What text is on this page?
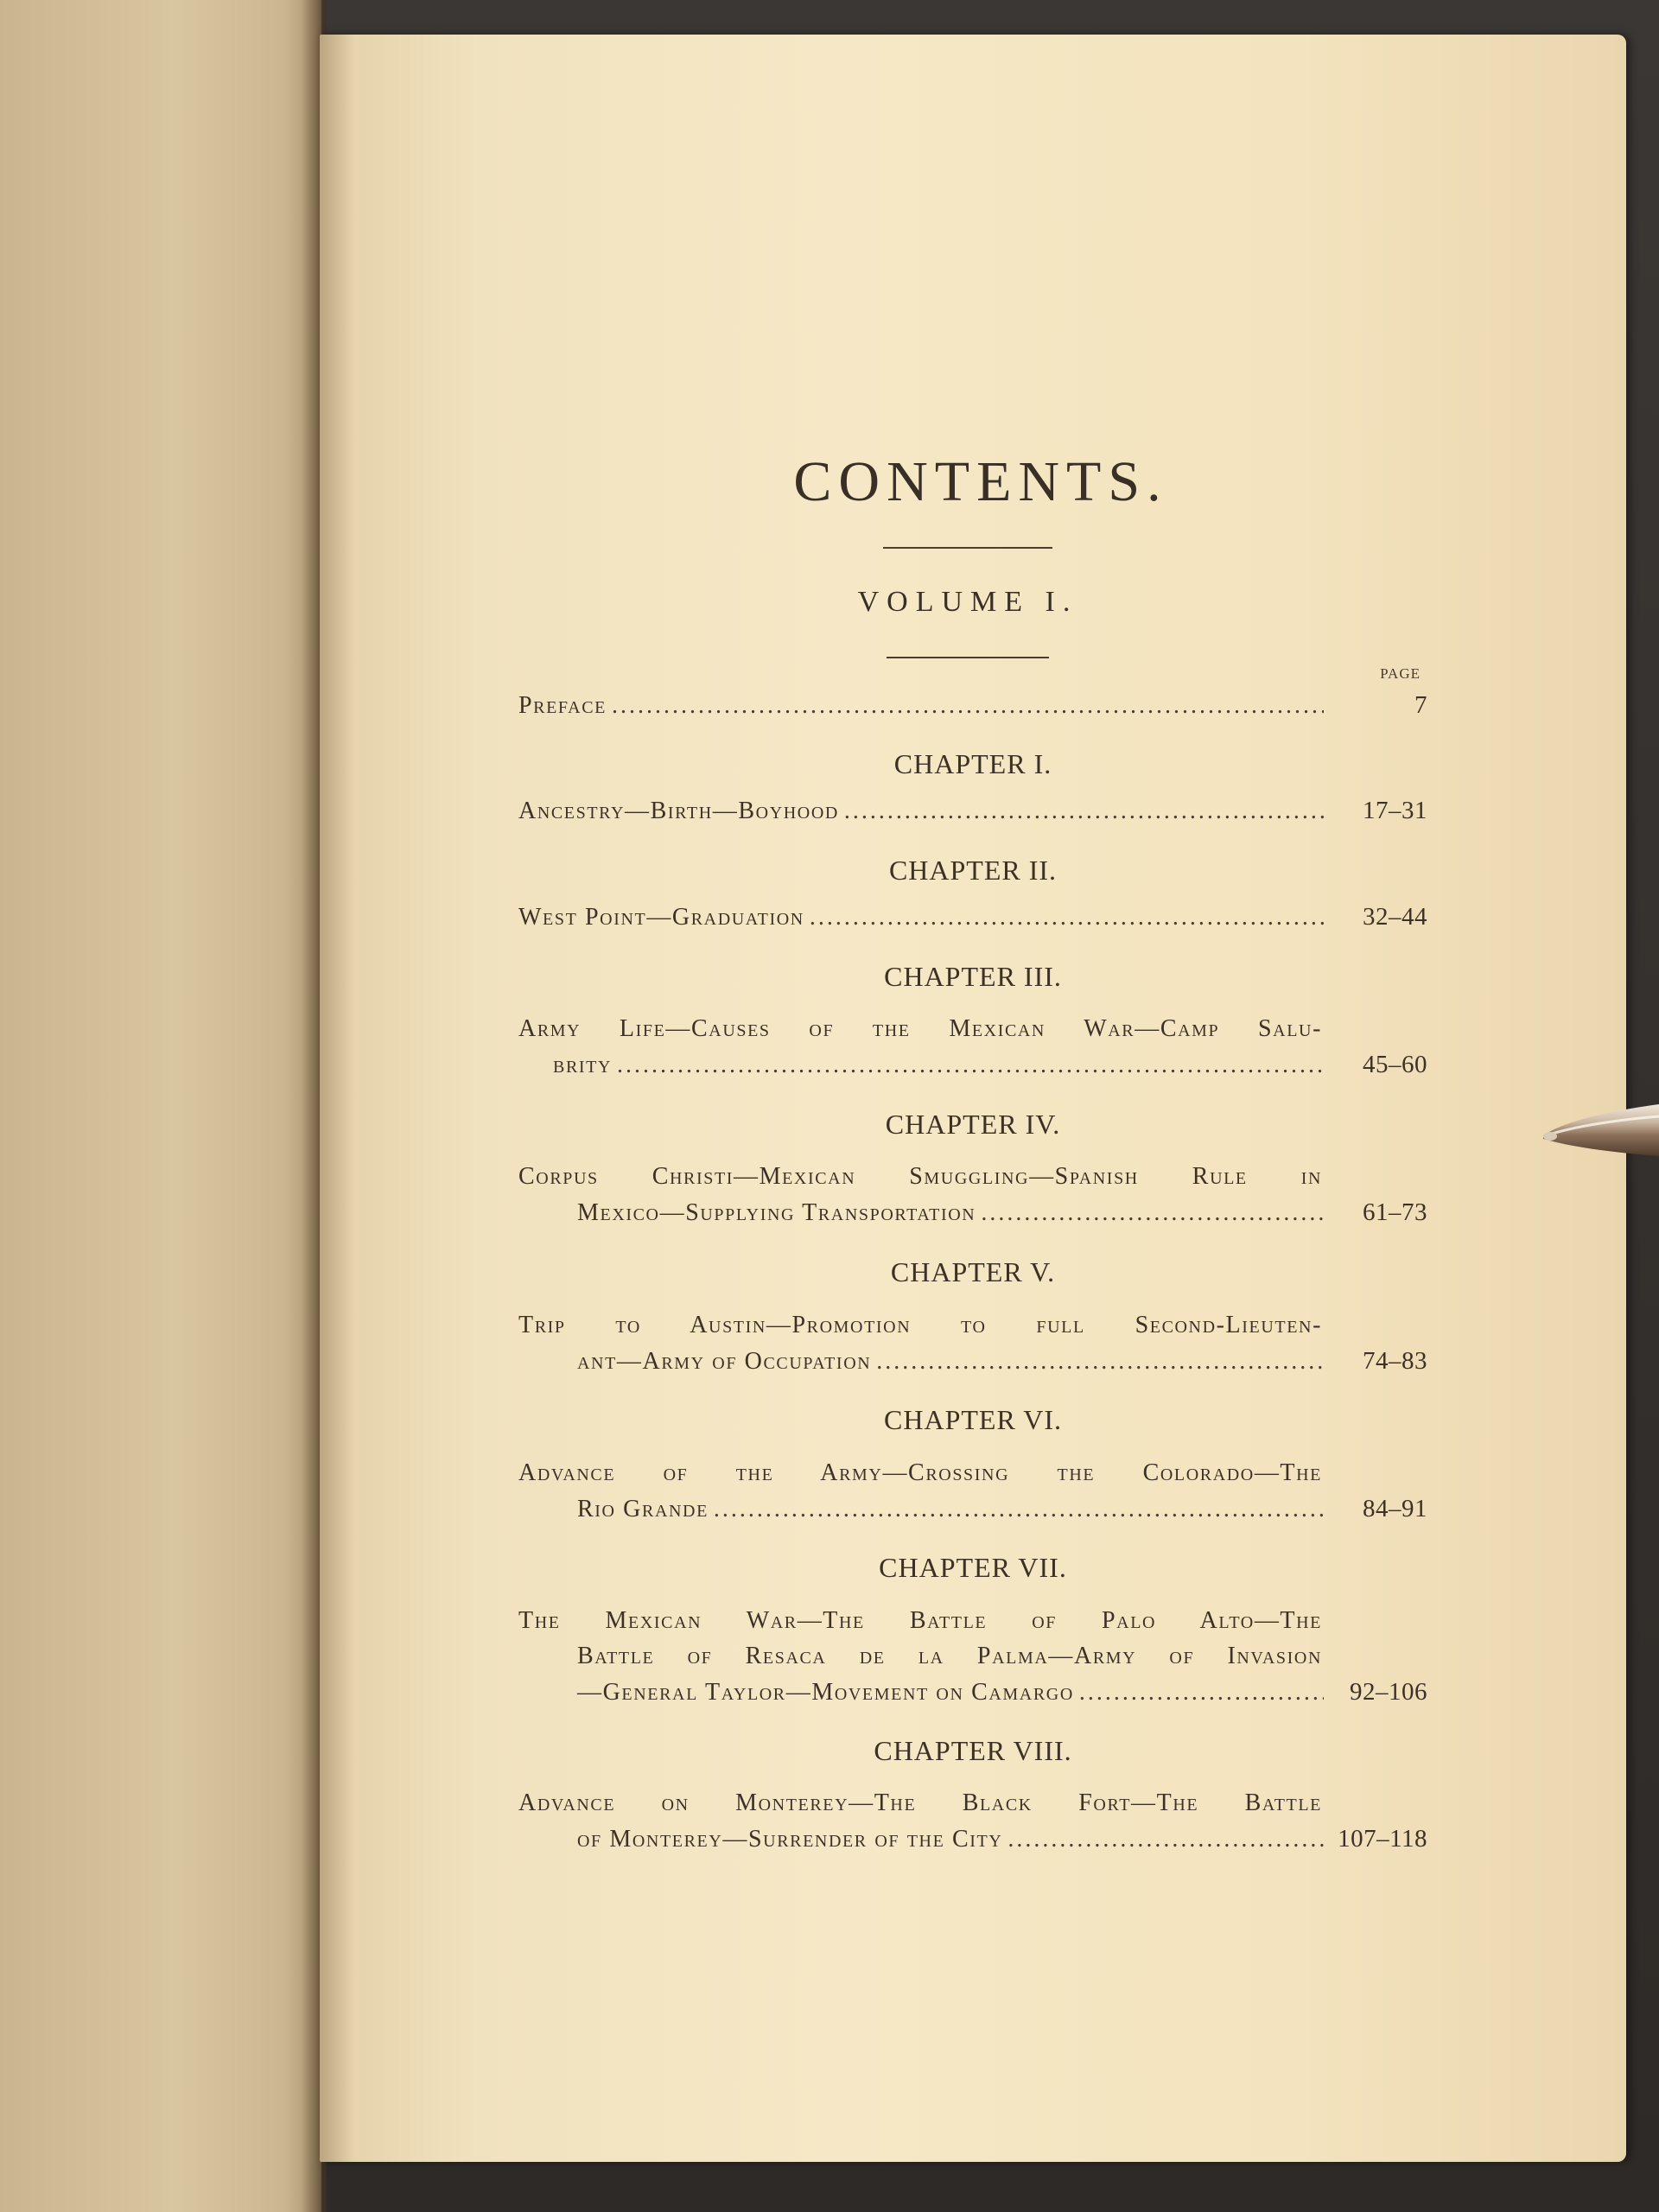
CONTENTS.
VOLUME I.
PAGE
Preface .....	7
CHAPTER I.
Ancestry—Birth—Boyhood .....	17–31
CHAPTER II.
West Point—Graduation .....	32–44
CHAPTER III.
Army Life—Causes of the Mexican War—Camp Salu-
brity .....	45–60
CHAPTER IV.
Corpus Christi—Mexican Smuggling—Spanish Rule in
Mexico—Supplying Transportation .....	61–73
CHAPTER V.
Trip to Austin—Promotion to full Second-Lieuten-
ant—Army of Occupation .....	74–83
CHAPTER VI.
Advance of the Army—Crossing the Colorado—The
Rio Grande .....	84–91
CHAPTER VII.
The Mexican War—The Battle of Palo Alto—The
Battle of Resaca de la Palma—Army of Invasion
—General Taylor—Movement on Camargo .....	92–106
CHAPTER VIII.
Advance on Monterey—The Black Fort—The Battle
of Monterey—Surrender of the City .....	107–118
